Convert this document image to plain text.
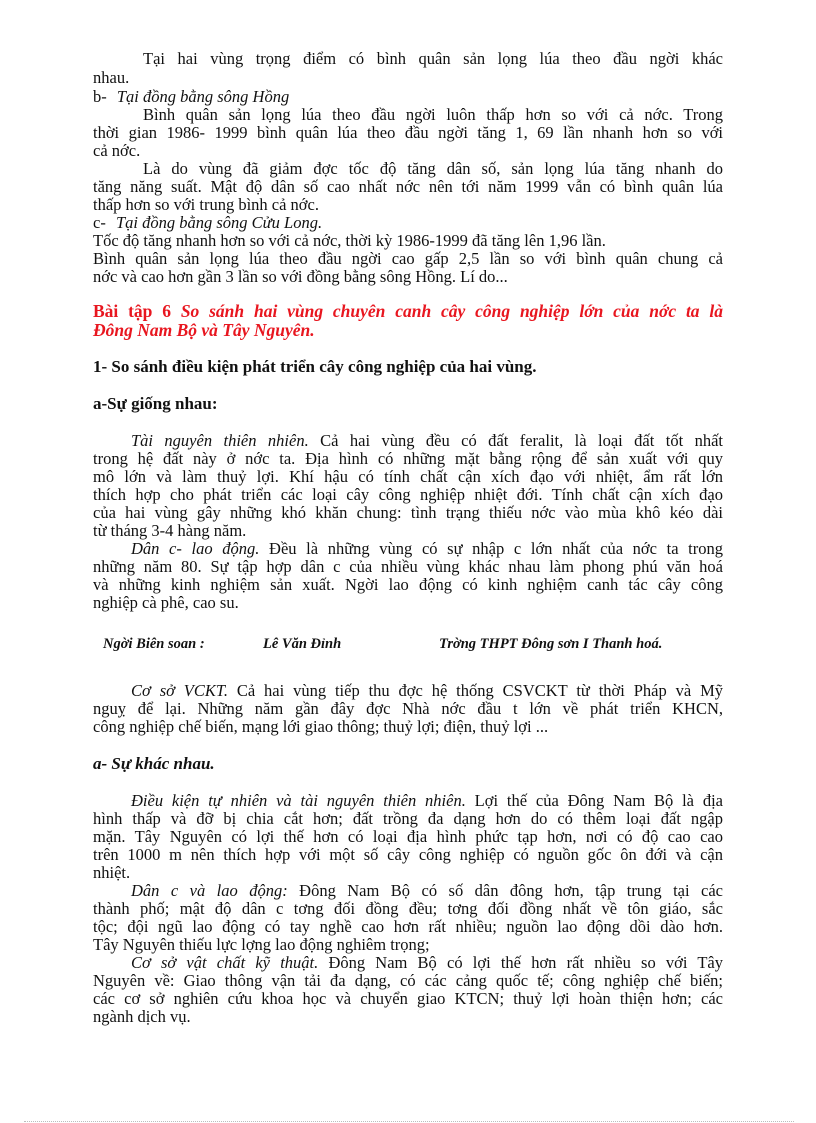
Tại hai vùng trọng điểm có bình quân sản lọng lúa theo đầu ngời khác
nhau.
b- Tại đồng bằng sông Hồng
Bình quân sản lọng lúa theo đầu ngời luôn thấp hơn so với cả nớc. Trong
thời gian 1986- 1999 bình quân lúa theo đầu ngời tăng 1, 69 lần nhanh hơn so với
cả nớc.
Là do vùng đã giảm đợc tốc độ tăng dân số, sản lọng lúa tăng nhanh do
tăng năng suất. Mật độ dân số cao nhất nớc nên tới năm 1999 vẫn có bình quân lúa
thấp hơn so với trung bình cả nớc.
c- Tại đồng bằng sông Cửu Long.
Tốc độ tăng nhanh hơn so với cả nớc, thời kỳ 1986-1999 đã tăng lên 1,96 lần.
Bình quân sản lọng lúa theo đầu ngời cao gấp 2,5 lần so với bình quân chung cả
nớc và cao hơn gần 3 lần so với đồng bằng sông Hồng. Lí do...
Bài tập 6 So sánh hai vùng chuyên canh cây công nghiệp lớn của nớc ta là
Đông Nam Bộ và Tây Nguyên.
1- So sánh điều kiện phát triển cây công nghiệp của hai vùng.
a-Sự giống nhau:
Tài nguyên thiên nhiên. Cả hai vùng đều có đất feralit, là loại đất tốt nhất
trong hệ đất này ở nớc ta. Địa hình có những mặt bằng rộng để sản xuất với quy
mô lớn và làm thuỷ lợi. Khí hậu có tính chất cận xích đạo với nhiệt, ẩm rất lớn
thích hợp cho phát triển các loại cây công nghiệp nhiệt đới. Tính chất cận xích đạo
của hai vùng gây những khó khăn chung: tình trạng thiếu nớc vào mùa khô kéo dài
từ tháng 3-4 hàng năm.
Dân c- lao động. Đều là những vùng có sự nhập c lớn nhất của nớc ta trong
những năm 80. Sự tập hợp dân c của nhiều vùng khác nhau làm phong phú văn hoá
và những kinh nghiệm sản xuất. Ngời lao động có kinh nghiệm canh tác cây công
nghiệp cà phê, cao su.
Ngời Biên soan :	Lê Văn Đỉnh	Trờng THPT Đông sơn I Thanh hoá.
Cơ sở VCKT. Cả hai vùng tiếp thu đợc hệ thống CSVCKT từ thời Pháp và Mỹ
nguỵ để lại. Những năm gần đây đợc Nhà nớc đầu t lớn về phát triển KHCN,
công nghiệp chế biến, mạng lới giao thông; thuỷ lợi; điện, thuỷ lợi ...
a- Sự khác nhau.
Điều kiện tự nhiên và tài nguyên thiên nhiên. Lợi thế của Đông Nam Bộ là địa
hình thấp và đỡ bị chia cắt hơn; đất trồng đa dạng hơn do có thêm loại đất ngập
mặn. Tây Nguyên có lợi thế hơn có loại địa hình phức tạp hơn, nơi có độ cao cao
trên 1000 m nên thích hợp với một số cây công nghiệp có nguồn gốc ôn đới và cận
nhiệt.
Dân c và lao động: Đông Nam Bộ có số dân đông hơn, tập trung tại các
thành phố; mật độ dân c tơng đối đồng đều; tơng đối đồng nhất về tôn giáo, sắc
tộc; đội ngũ lao động có tay nghề cao hơn rất nhiều; nguồn lao động dồi dào hơn.
Tây Nguyên thiếu lực lợng lao động nghiêm trọng;
Cơ sở vật chất kỹ thuật. Đông Nam Bộ có lợi thế hơn rất nhiều so với Tây
Nguyên về: Giao thông vận tải đa dạng, có các cảng quốc tế; công nghiệp chế biến;
các cơ sở nghiên cứu khoa học và chuyển giao KTCN; thuỷ lợi hoàn thiện hơn; các
ngành dịch vụ.
